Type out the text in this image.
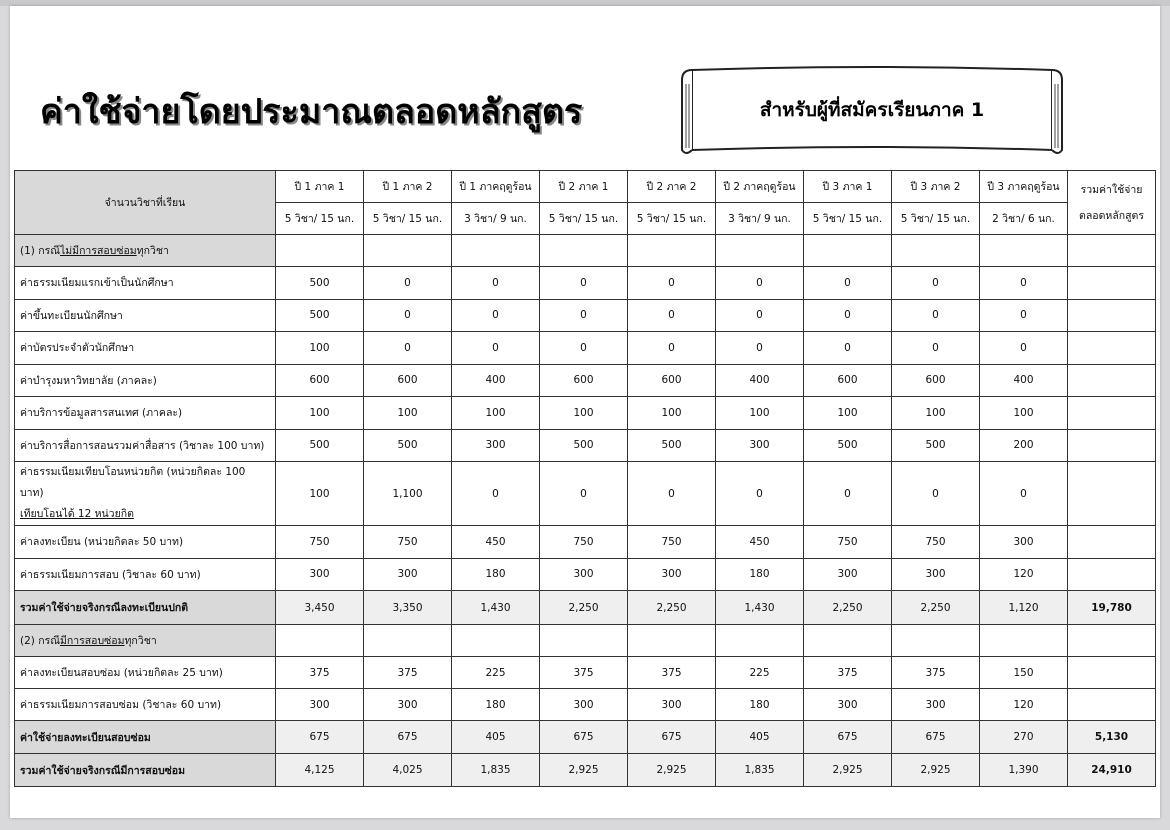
ค่าใช้จ่ายโดยประมาณตลอดหลักสูตร	สำหรับผู้ที่สมัครเรียนภาค 1
จำนวนวิชาที่เรียน	ปี 1 ภาค 1	ปี 1 ภาค 2	ปี 1 ภาคฤดูร้อน	ปี 2 ภาค 1	ปี 2 ภาค 2	ปี 2 ภาคฤดูร้อน	ปี 3 ภาค 1	ปี 3 ภาค 2	ปี 3 ภาคฤดูร้อน	รวมค่าใช้จ่ายตลอดหลักสูตร
	5 วิชา/ 15 นก.	5 วิชา/ 15 นก.	3 วิชา/ 9 นก.	5 วิชา/ 15 นก.	5 วิชา/ 15 นก.	3 วิชา/ 9 นก.	5 วิชา/ 15 นก.	5 วิชา/ 15 นก.	2 วิชา/ 6 นก.	
(1) กรณีไม่มีการสอบซ่อมทุกวิชา										
ค่าธรรมเนียมแรกเข้าเป็นนักศึกษา	500	0	0	0	0	0	0	0	0	
ค่าขึ้นทะเบียนนักศึกษา	500	0	0	0	0	0	0	0	0	
ค่าบัตรประจำตัวนักศึกษา	100	0	0	0	0	0	0	0	0	
ค่าบำรุงมหาวิทยาลัย (ภาคละ)	600	600	400	600	600	400	600	600	400	
ค่าบริการข้อมูลสารสนเทศ (ภาคละ)	100	100	100	100	100	100	100	100	100	
ค่าบริการสื่อการสอนรวมค่าสื่อสาร (วิชาละ 100 บาท)	500	500	300	500	500	300	500	500	200	
ค่าธรรมเนียมเทียบโอนหน่วยกิต (หน่วยกิตละ 100 บาท)
เทียบโอนได้ 12 หน่วยกิต	100	1,100	0	0	0	0	0	0	0	
ค่าลงทะเบียน (หน่วยกิตละ 50 บาท)	750	750	450	750	750	450	750	750	300	
ค่าธรรมเนียมการสอบ (วิชาละ 60 บาท)	300	300	180	300	300	180	300	300	120	
รวมค่าใช้จ่ายจริงกรณีลงทะเบียนปกติ	3,450	3,350	1,430	2,250	2,250	1,430	2,250	2,250	1,120	19,780
(2) กรณีมีการสอบซ่อมทุกวิชา										
ค่าลงทะเบียนสอบซ่อม (หน่วยกิตละ 25 บาท)	375	375	225	375	375	225	375	375	150	
ค่าธรรมเนียมการสอบซ่อม (วิชาละ 60 บาท)	300	300	180	300	300	180	300	300	120	
ค่าใช้จ่ายลงทะเบียนสอบซ่อม	675	675	405	675	675	405	675	675	270	5,130
รวมค่าใช้จ่ายจริงกรณีมีการสอบซ่อม	4,125	4,025	1,835	2,925	2,925	1,835	2,925	2,925	1,390	24,910
